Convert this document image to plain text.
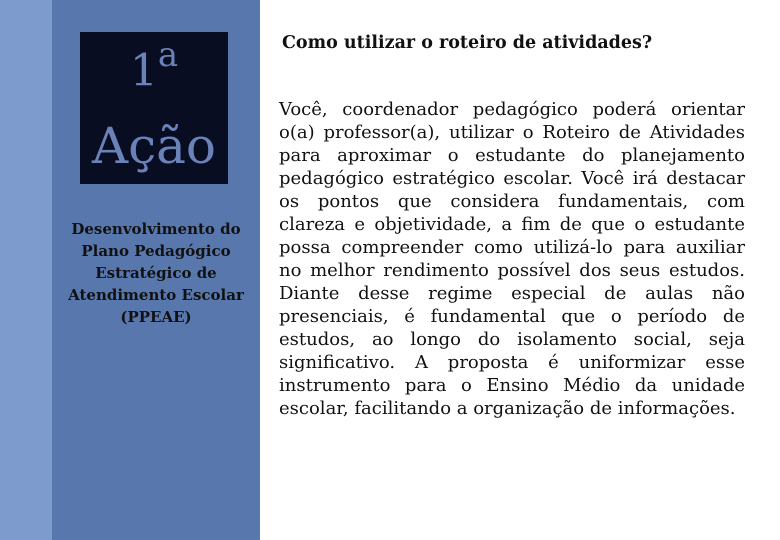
1$^a$
Ação
Desenvolvimento do Plano Pedagógico Estratégico de Atendimento Escolar (PPEAE)
Como utilizar o roteiro de atividades?
Você, coordenador pedagógico poderá orientar o(a) professor(a), utilizar o Roteiro de Atividades para aproximar o estudante do planejamento pedagógico estratégico escolar. Você irá destacar os pontos que considera fundamentais, com clareza e objetividade, a fim de que o estudante possa compreender como utilizá-lo para auxiliar no melhor rendimento possível dos seus estudos. Diante desse regime especial de aulas não presenciais, é fundamental que o período de estudos, ao longo do isolamento social, seja significativo. A proposta é uniformizar esse instrumento para o Ensino Médio da unidade escolar, facilitando a organização de informações.
